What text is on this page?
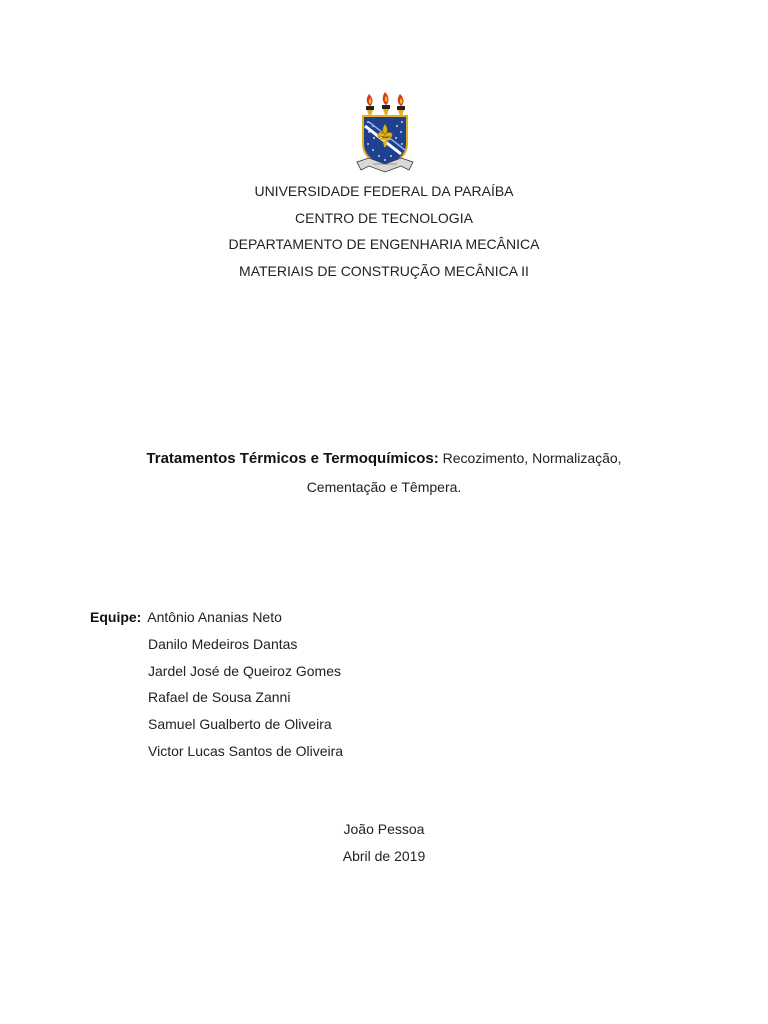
UNIVERSIDADE FEDERAL DA PARAÍBA
CENTRO DE TECNOLOGIA
DEPARTAMENTO DE ENGENHARIA MECÂNICA
MATERIAIS DE CONSTRUÇÃO MECÂNICA II
Tratamentos Térmicos e Termoquímicos: Recozimento, Normalização,
Cementação e Têmpera.
Equipe: Antônio Ananias Neto
Danilo Medeiros Dantas
Jardel José de Queiroz Gomes
Rafael de Sousa Zanni
Samuel Gualberto de Oliveira
Victor Lucas Santos de Oliveira
João Pessoa
Abril de 2019
